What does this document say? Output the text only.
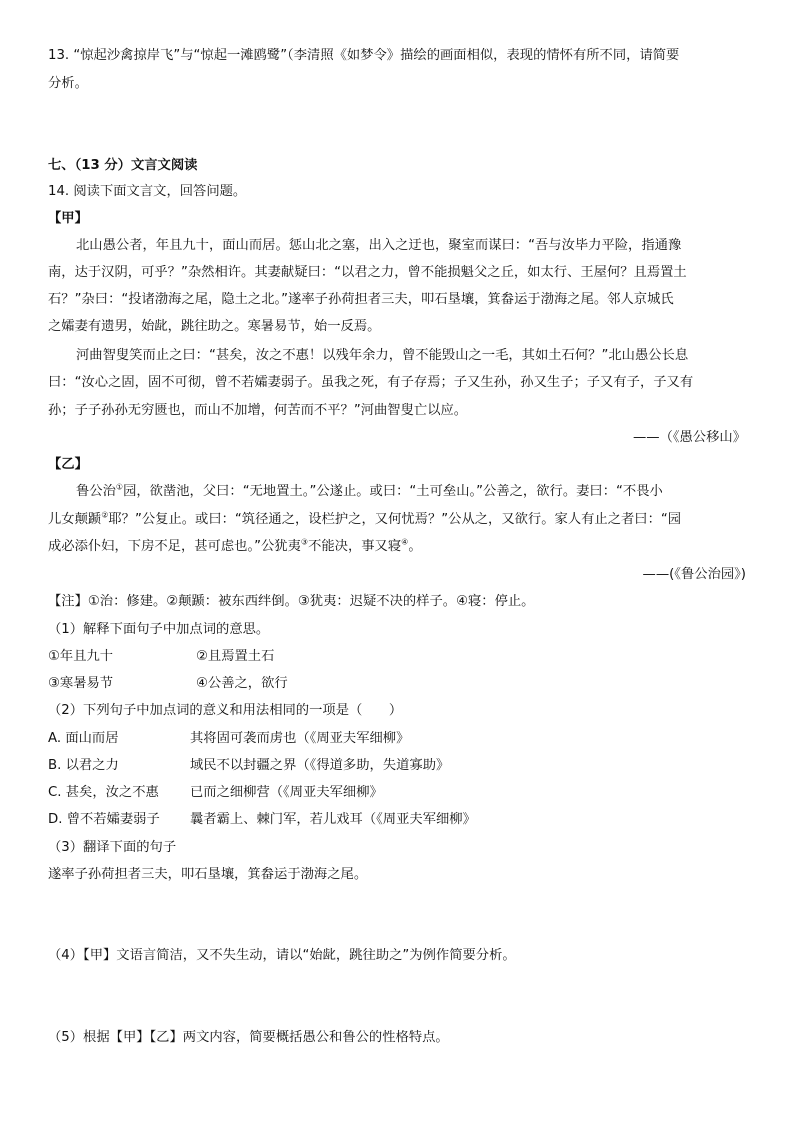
13. “惊起沙禽掠岸飞”与“惊起一滩鸥鹭”（李清照《如梦令》描绘的画面相似，表现的情怀有所不同，请简要
分析。
七、（13 分）文言文阅读
14. 阅读下面文言文，回答问题。
【甲】
北山愚公者，年且九十，面山而居。惩山北之塞，出入之迂也，聚室而谋曰：“吾与汝毕力平险，指通豫
南，达于汉阴，可乎？”杂然相许。其妻献疑曰：“以君之力，曾不能损魁父之丘，如太行、王屋何？且焉置土
石？”杂曰：“投诸渤海之尾，隐土之北。”遂率子孙荷担者三夫，叩石垦壤，箕畚运于渤海之尾。邻人京城氏
之孀妻有遗男，始龀，跳往助之。寒暑易节，始一反焉。
河曲智叟笑而止之曰：“甚矣，汝之不惠！以残年余力，曾不能毁山之一毛，其如土石何？”北山愚公长息
曰：“汝心之固，固不可彻，曾不若孀妻弱子。虽我之死，有子存焉；子又生孙，孙又生子；子又有子，子又有
孙；子子孙孙无穷匮也，而山不加增，何苦而不平？”河曲智叟亡以应。
——（《愚公移山》
【乙】
鲁公治①园，欲凿池，父曰：“无地置土。”公遂止。或曰：“土可垒山。”公善之，欲行。妻曰：“不畏小
儿女颠踬②耶？”公复止。或曰：“筑径通之，设栏护之，又何忧焉？”公从之，又欲行。家人有止之者曰：“园
成必添仆妇，下房不足，甚可虑也。”公犹夷③不能决，事又寝④。
——(《鲁公治园》)
【注】①治：修建。②颠踬：被东西绊倒。③犹夷：迟疑不决的样子。④寝：停止。
（1）解释下面句子中加点词的意思。
①年且九十	②且焉置土石
③寒暑易节	④公善之，欲行
（2）下列句子中加点词的意义和用法相同的一项是（　　）
A. 面山而居	其将固可袭而虏也（《周亚夫军细柳》
B. 以君之力	域民不以封疆之界（《得道多助，失道寡助》
C. 甚矣，汝之不惠 已而之细柳营（《周亚夫军细柳》
D. 曾不若孀妻弱子 曩者霸上、棘门军，若儿戏耳（《周亚夫军细柳》
（3）翻译下面的句子
遂率子孙荷担者三夫，叩石垦壤，箕畚运于渤海之尾。
（4）【甲】文语言简洁，又不失生动，请以“始龀，跳往助之”为例作简要分析。
（5）根据【甲】【乙】两文内容，简要概括愚公和鲁公的性格特点。
